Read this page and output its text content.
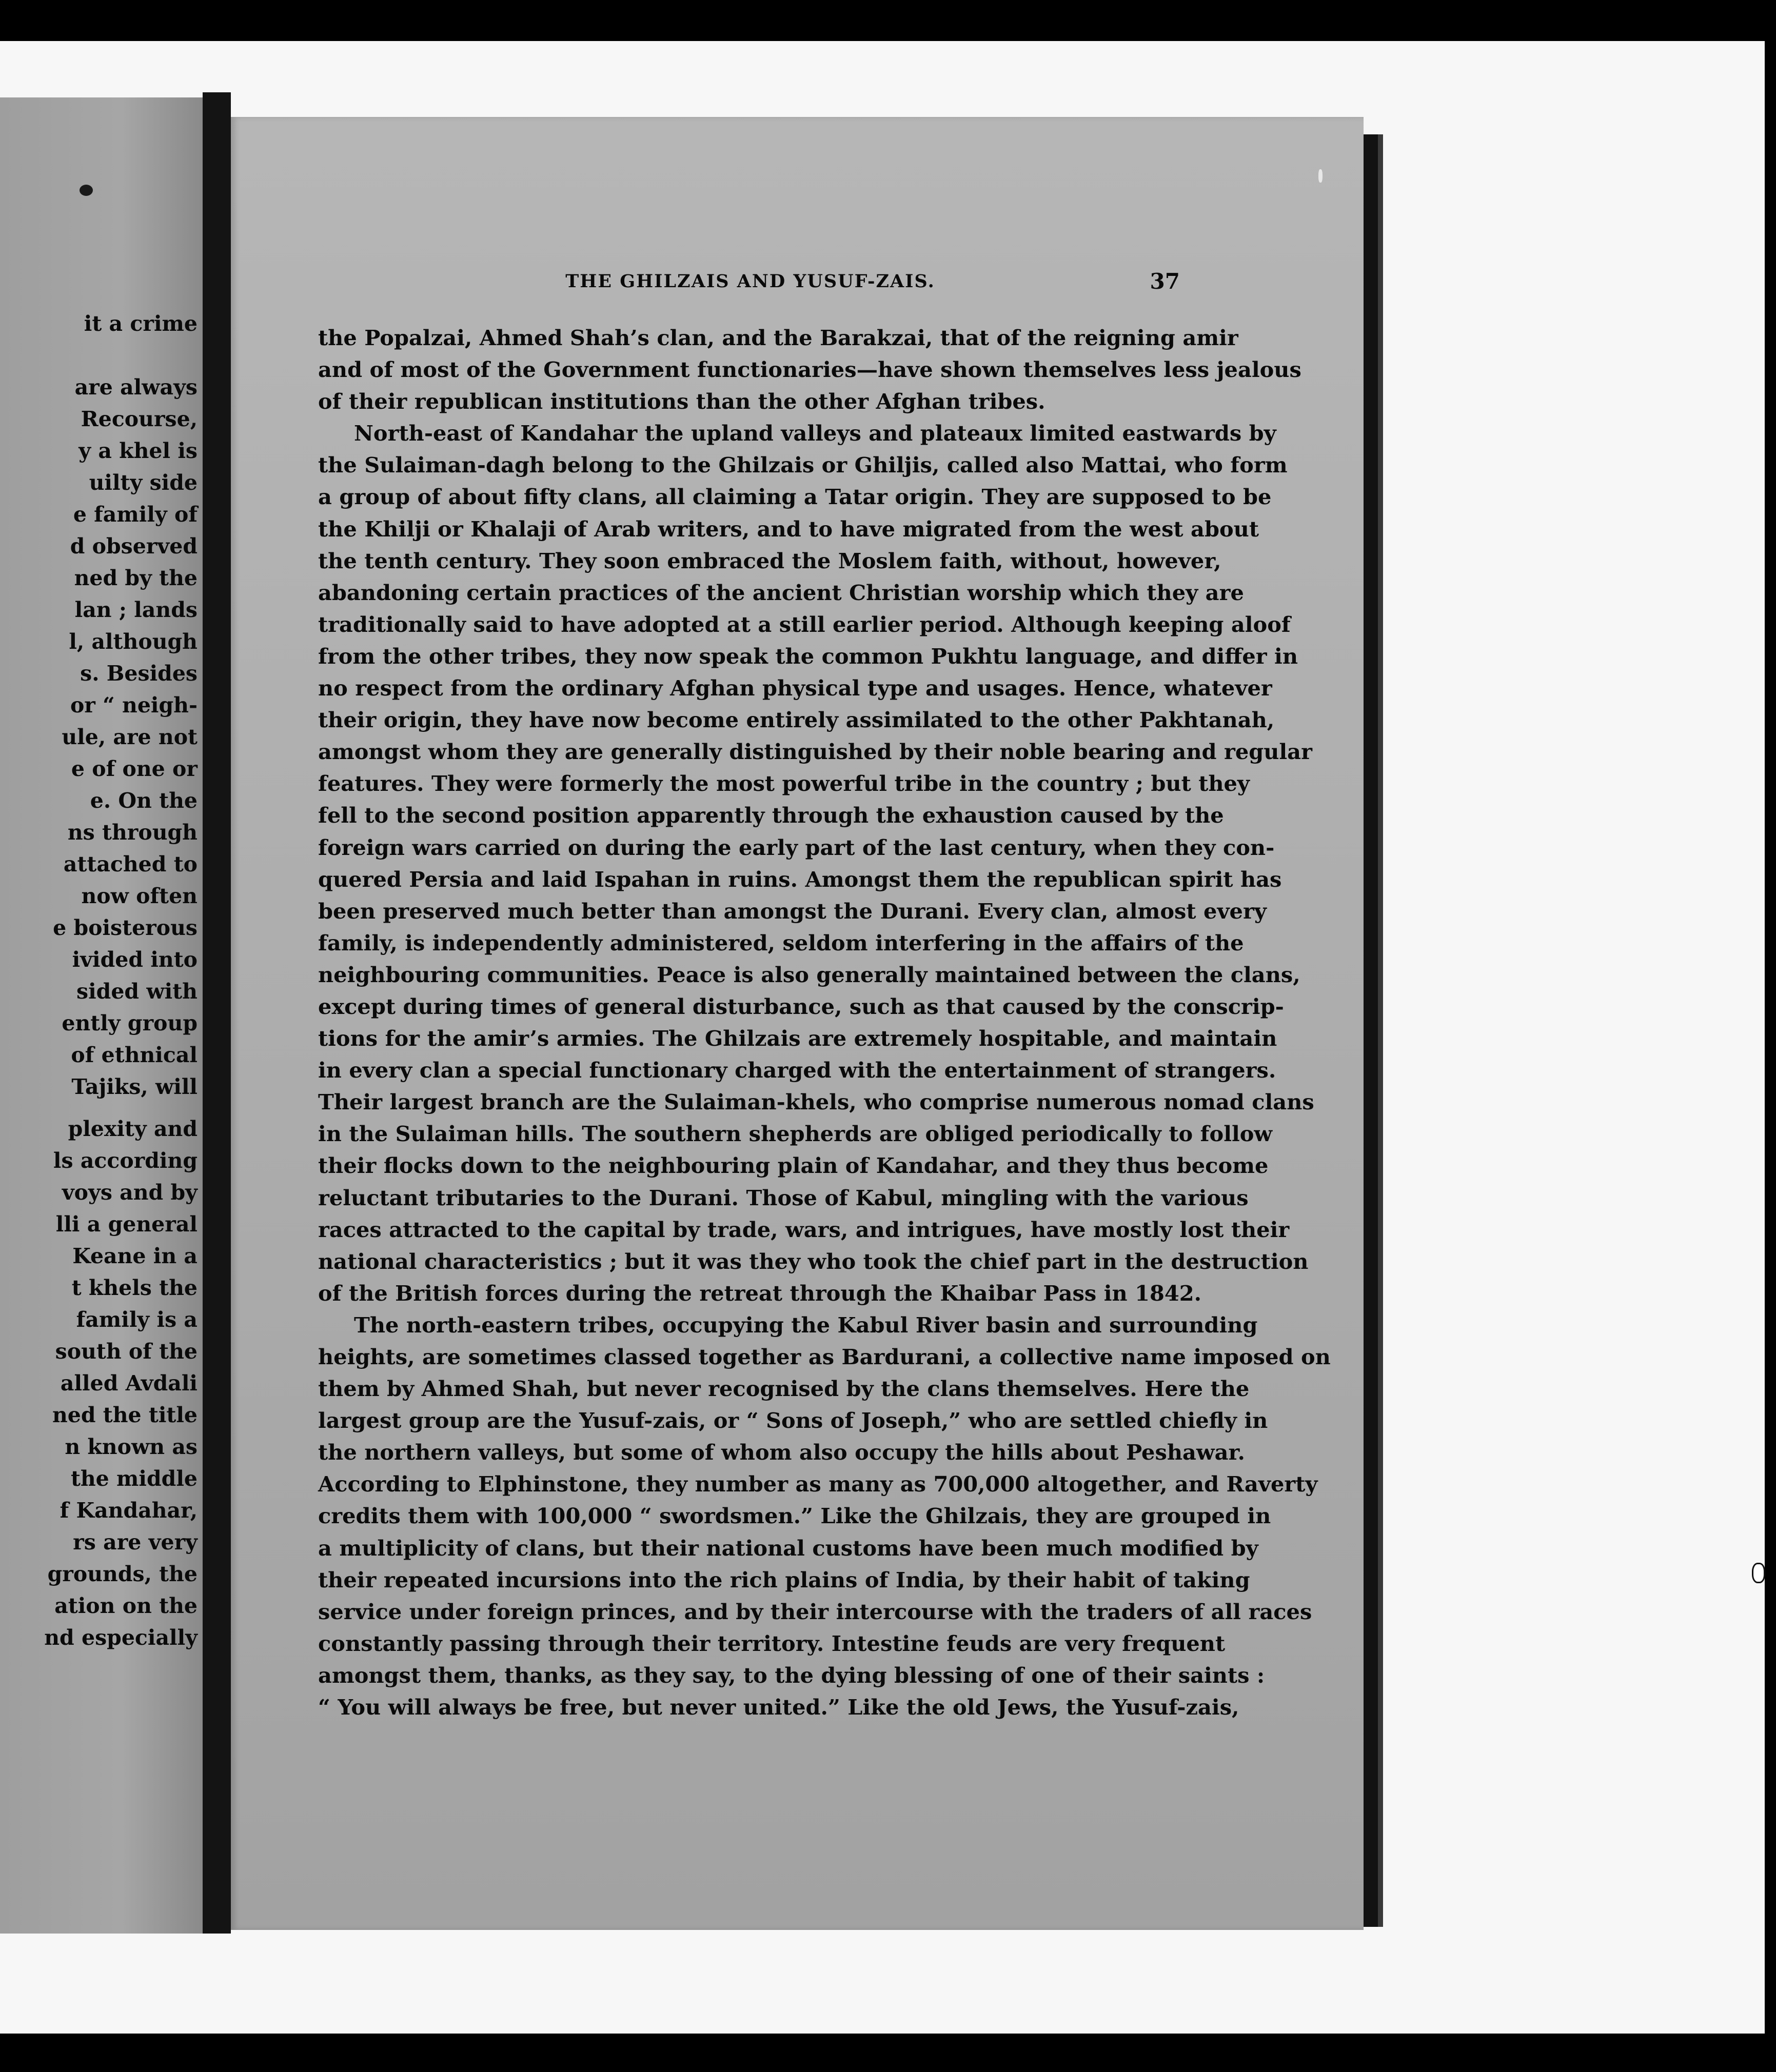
it a crime
are always
Recourse,
y a khel is
uilty side
e family of
d observed
ned by the
lan ; lands
l, although
s. Besides
or “ neigh-
ule, are not
e of one or
e. On the
ns through
attached to
now often
e boisterous
ivided into
sided with
ently group
of ethnical
Tajiks, will
plexity and
ls according
voys and by
lli a general
Keane in a
t khels the
family is a
south of the
alled Avdali
ned the title
n known as
the middle
f Kandahar,
rs are very
grounds, the
ation on the
nd especially
THE GHILZAIS AND YUSUF-ZAIS.	37
the Popalzai, Ahmed Shah’s clan, and the Barakzai, that of the reigning amir
and of most of the Government functionaries—have shown themselves less jealous
of their republican institutions than the other Afghan tribes.
North-east of Kandahar the upland valleys and plateaux limited eastwards by
the Sulaiman-dagh belong to the Ghilzais or Ghiljis, called also Mattai, who form
a group of about fifty clans, all claiming a Tatar origin. They are supposed to be
the Khilji or Khalaji of Arab writers, and to have migrated from the west about
the tenth century. They soon embraced the Moslem faith, without, however,
abandoning certain practices of the ancient Christian worship which they are
traditionally said to have adopted at a still earlier period. Although keeping aloof
from the other tribes, they now speak the common Pukhtu language, and differ in
no respect from the ordinary Afghan physical type and usages. Hence, whatever
their origin, they have now become entirely assimilated to the other Pakhtanah,
amongst whom they are generally distinguished by their noble bearing and regular
features. They were formerly the most powerful tribe in the country ; but they
fell to the second position apparently through the exhaustion caused by the
foreign wars carried on during the early part of the last century, when they con-
quered Persia and laid Ispahan in ruins. Amongst them the republican spirit has
been preserved much better than amongst the Durani. Every clan, almost every
family, is independently administered, seldom interfering in the affairs of the
neighbouring communities. Peace is also generally maintained between the clans,
except during times of general disturbance, such as that caused by the conscrip-
tions for the amir’s armies. The Ghilzais are extremely hospitable, and maintain
in every clan a special functionary charged with the entertainment of strangers.
Their largest branch are the Sulaiman-khels, who comprise numerous nomad clans
in the Sulaiman hills. The southern shepherds are obliged periodically to follow
their flocks down to the neighbouring plain of Kandahar, and they thus become
reluctant tributaries to the Durani. Those of Kabul, mingling with the various
races attracted to the capital by trade, wars, and intrigues, have mostly lost their
national characteristics ; but it was they who took the chief part in the destruction
of the British forces during the retreat through the Khaibar Pass in 1842.
The north-eastern tribes, occupying the Kabul River basin and surrounding
heights, are sometimes classed together as Bardurani, a collective name imposed on
them by Ahmed Shah, but never recognised by the clans themselves. Here the
largest group are the Yusuf-zais, or “ Sons of Joseph,” who are settled chiefly in
the northern valleys, but some of whom also occupy the hills about Peshawar.
According to Elphinstone, they number as many as 700,000 altogether, and Raverty
credits them with 100,000 “ swordsmen.” Like the Ghilzais, they are grouped in
a multiplicity of clans, but their national customs have been much modified by
their repeated incursions into the rich plains of India, by their habit of taking
service under foreign princes, and by their intercourse with the traders of all races
constantly passing through their territory. Intestine feuds are very frequent
amongst them, thanks, as they say, to the dying blessing of one of their saints :
“ You will always be free, but never united.” Like the old Jews, the Yusuf-zais,
